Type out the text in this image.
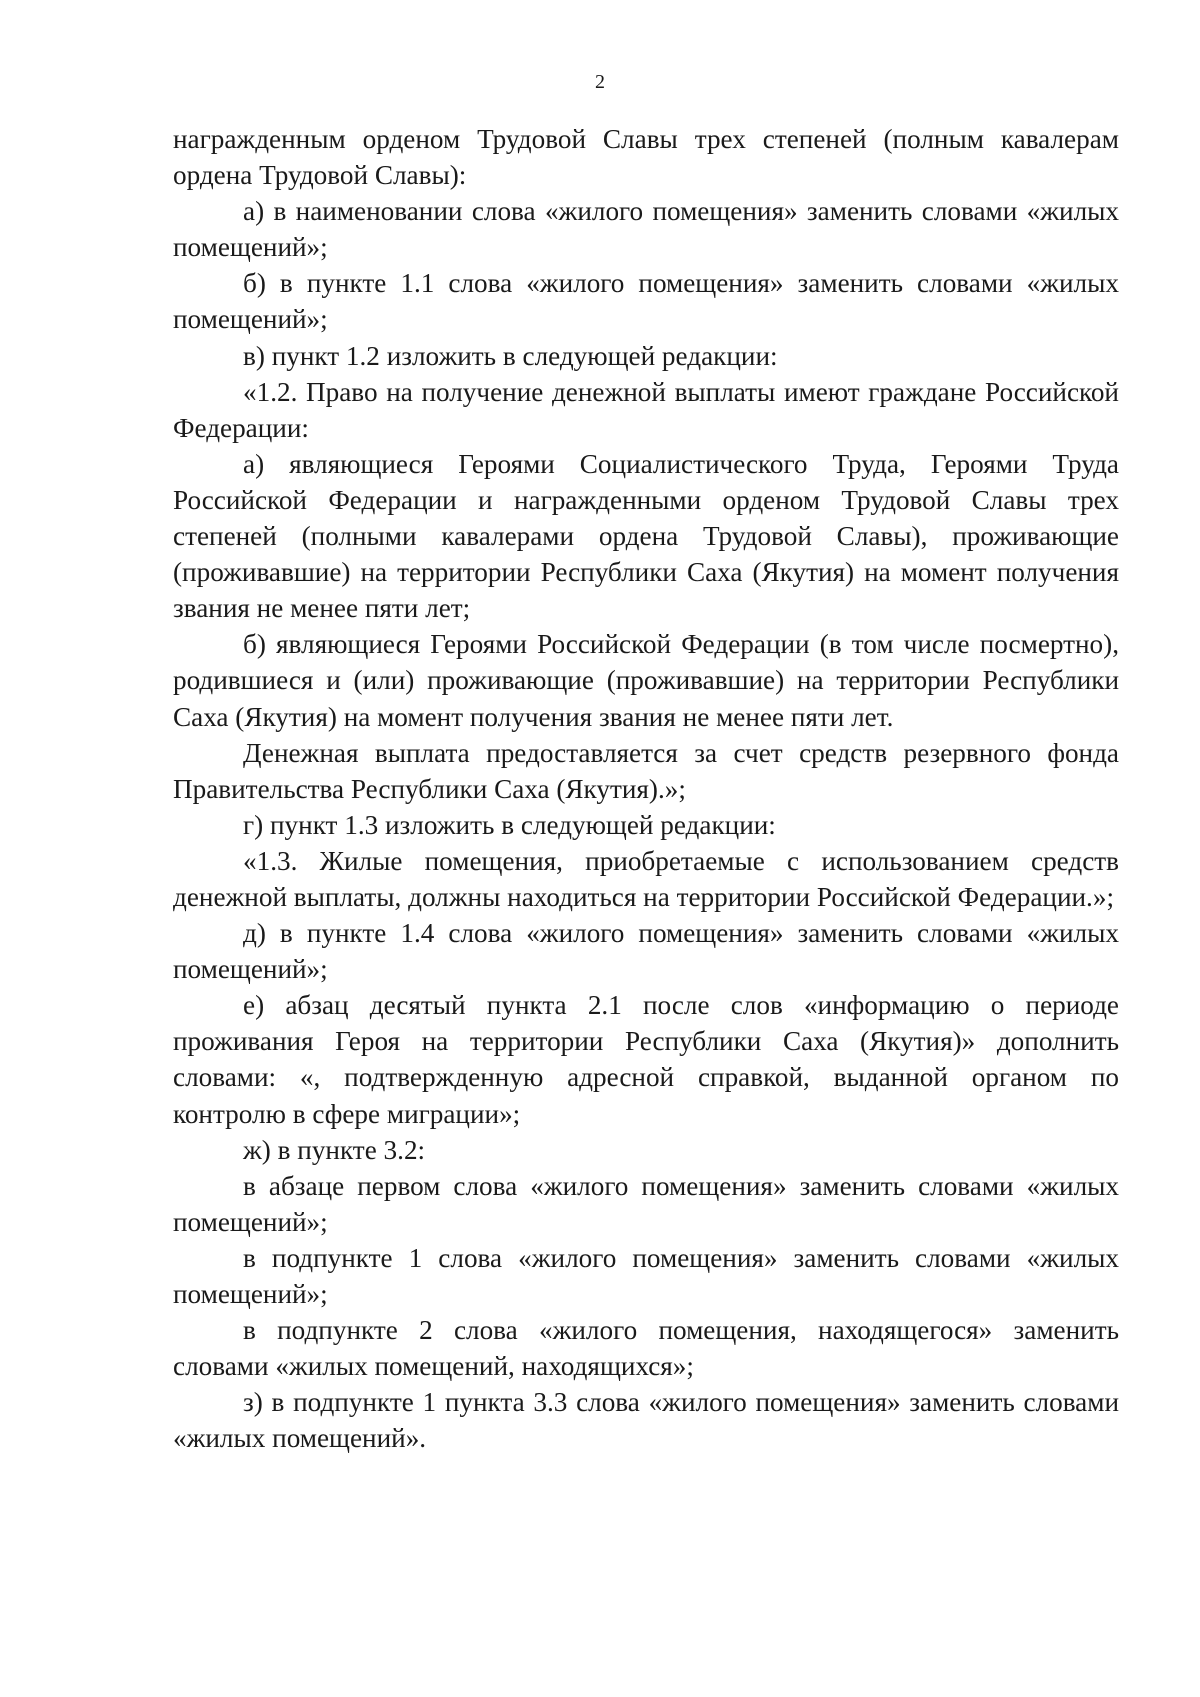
2

награжденным орденом Трудовой Славы трех степеней (полным кавалерам ордена Трудовой Славы):

а) в наименовании слова «жилого помещения» заменить словами «жилых помещений»;

б) в пункте 1.1 слова «жилого помещения» заменить словами «жилых помещений»;

в) пункт 1.2 изложить в следующей редакции:

«1.2. Право на получение денежной выплаты имеют граждане Российской Федерации:

а) являющиеся Героями Социалистического Труда, Героями Труда Российской Федерации и награжденными орденом Трудовой Славы трех степеней (полными кавалерами ордена Трудовой Славы), проживающие (проживавшие) на территории Республики Саха (Якутия) на момент получения звания не менее пяти лет;

б) являющиеся Героями Российской Федерации (в том числе посмертно), родившиеся и (или) проживающие (проживавшие) на территории Республики Саха (Якутия) на момент получения звания не менее пяти лет.

Денежная выплата предоставляется за счет средств резервного фонда Правительства Республики Саха (Якутия).»;

г) пункт 1.3 изложить в следующей редакции:

«1.3. Жилые помещения, приобретаемые с использованием средств денежной выплаты, должны находиться на территории Российской Федерации.»;

д) в пункте 1.4 слова «жилого помещения» заменить словами «жилых помещений»;

е) абзац десятый пункта 2.1 после слов «информацию о периоде проживания Героя на территории Республики Саха (Якутия)» дополнить словами: «, подтвержденную адресной справкой, выданной органом по контролю в сфере миграции»;

ж) в пункте 3.2:

в абзаце первом слова «жилого помещения» заменить словами «жилых помещений»;

в подпункте 1 слова «жилого помещения» заменить словами «жилых помещений»;

в подпункте 2 слова «жилого помещения, находящегося» заменить словами «жилых помещений, находящихся»;

з) в подпункте 1 пункта 3.3 слова «жилого помещения» заменить словами «жилых помещений».
